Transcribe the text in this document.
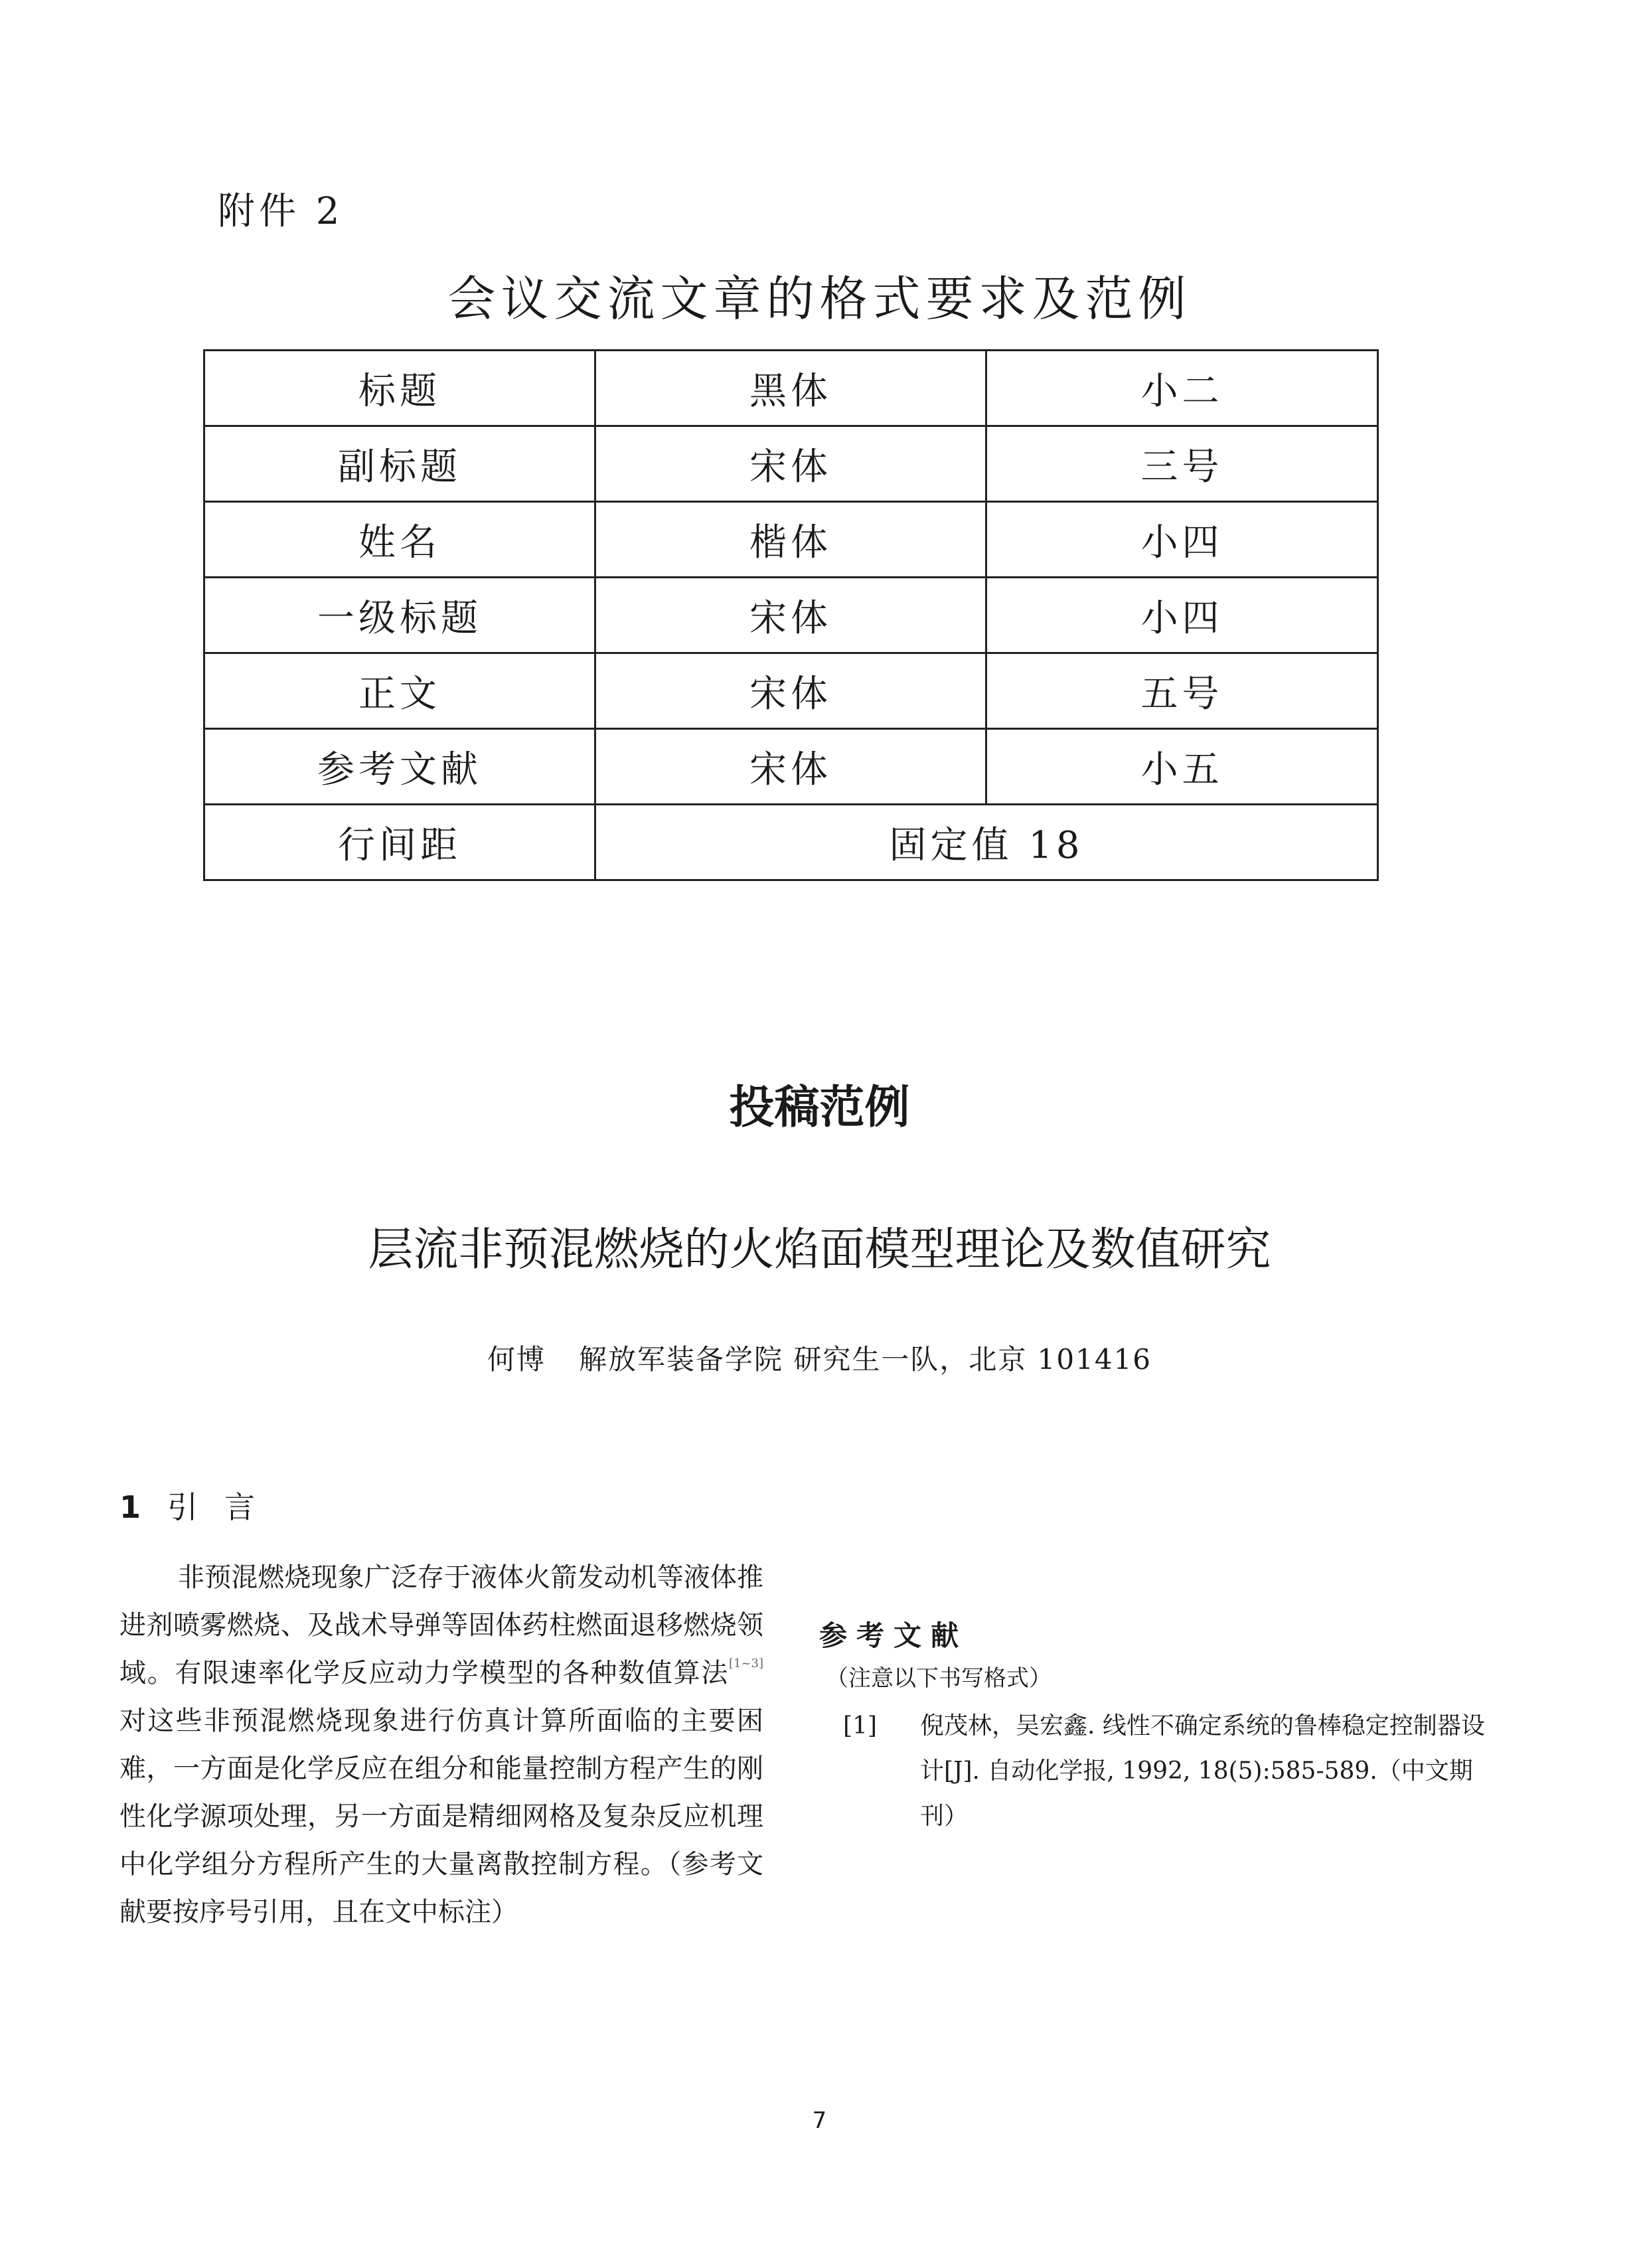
附件 2
会议交流文章的格式要求及范例
标题	黑体	小二
副标题	宋体	三号
姓名	楷体	小四
一级标题	宋体	小四
正文	宋体	五号
参考文献	宋体	小五
行间距	固定值 18	
投稿范例
层流非预混燃烧的火焰面模型理论及数值研究
何博 解放军装备学院 研究生一队，北京 101416
1 引言

非预混燃烧现象广泛存于液体火箭发动机等液体推进剂喷雾燃烧、及战术导弹等固体药柱燃面退移燃烧领域。有限速率化学反应动力学模型的各种数值算法[1~3]对这些非预混燃烧现象进行仿真计算所面临的主要困难，一方面是化学反应在组分和能量控制方程产生的刚性化学源项处理，另一方面是精细网格及复杂反应机理中化学组分方程所产生的大量离散控制方程。（参考文献要按序号引用，且在文中标注）

参考文献
（注意以下书写格式）
[1] 倪茂林，吴宏鑫. 线性不确定系统的鲁棒稳定控制器设计[J]. 自动化学报, 1992, 18(5):585-589.（中文期刊）

7
